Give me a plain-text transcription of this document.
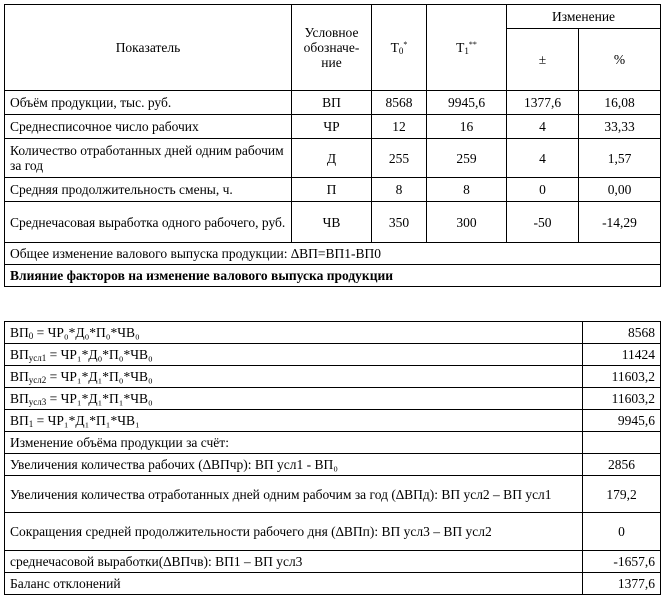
Показатель	Условное обозначе-ние	$Т_0^*$	$Т_1^{**}$	Изменение	
				±	%
Объём продукции, тыс. руб.	ВП	8568	9945,6	1377,6	16,08
Среднесписочное число рабочих	ЧР	12	16	4	33,33
Количество отработанных дней одним рабочим за год	Д	255	259	4	1,57
Средняя продолжительность смены, ч.	П	8	8	0	0,00
Среднечасовая выработка одного рабочего, руб.	ЧВ	350	300	-50	-14,29
Общее изменение валового выпуска продукции: ∆ВП=ВП1-ВП0					
Влияние факторов на изменение валового выпуска продукции					
$ВП_0 = ЧР_0*Д_0*П_0*ЧВ_0$	8568
$ВП_{усл1} = ЧР_1*Д_0*П_0*ЧВ_0$	11424
$ВП_{усл2} = ЧР_1*Д_1*П_0*ЧВ_0$	11603,2
$ВП_{усл3} = ЧР_1*Д_1*П_1*ЧВ_0$	11603,2
$ВП_1 = ЧР_1*Д_1*П_1*ЧВ_1$	9945,6
Изменение объёма продукции за счёт:	
Увеличения количества рабочих (∆ВПчр): ВП усл1 - ВП₀	2856
Увеличения количества отработанных дней одним рабочим за год (∆ВПд): ВП усл2 – ВП усл1	179,2
Сокращения средней продолжительности рабочего дня (∆ВПп): ВП усл3 – ВП усл2	0
среднечасовой выработки(∆ВПчв): ВП1 – ВП усл3	-1657,6
Баланс отклонений	1377,6
